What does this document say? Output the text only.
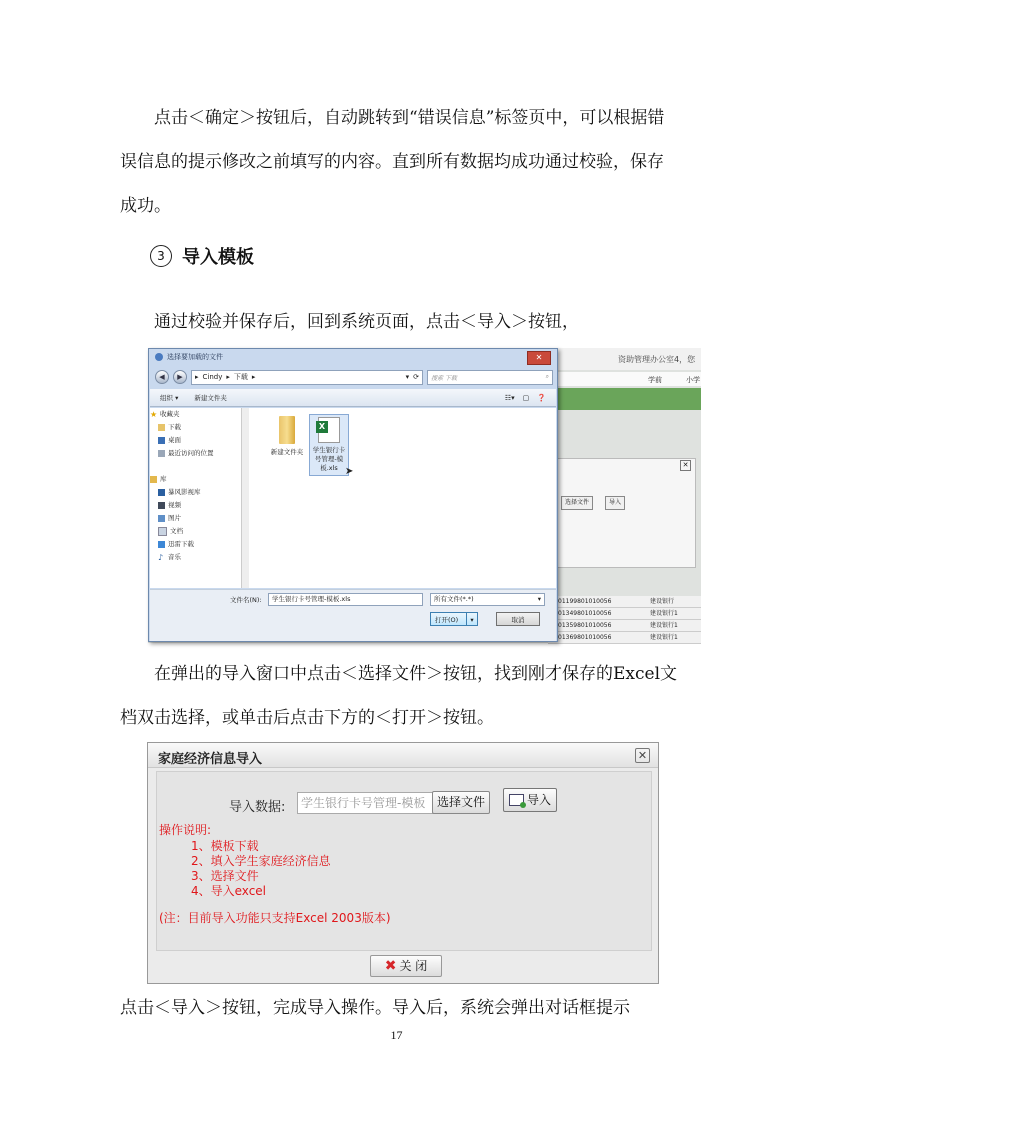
点击＜确定＞按钮后，自动跳转到“错误信息”标签页中，可以根据错误信息的提示修改之前填写的内容。直到所有数据均成功通过校验，保存成功。

3 导入模板

通过校验并保存后，回到系统页面，点击＜导入＞按钮，

资助管理办公室4，您
学前	小学
数据查询
✕
选择文件	导入
01199801010056	建设银行
01349801010056	建设银行1
01359801010056	建设银行1
01369801010056	建设银行1
选择要加载的文件	✕
◀	▶	▸ Cindy ▸ 下载 ▸	▾ ⟳ 搜索 下载	⌕
组织 ▾ 新建文件夹	☷▾ ▢ ❓
★ 收藏夹
下载
桌面
最近访问的位置
库
暴风影视库
视频
图片
文档
迅雷下载
♪ 音乐
新建文件夹
X
学生银行卡号管理-模板.xls ➤
文件名(N):	学生银行卡号管理-模板.xls	所有文件(*.*)	▾
打开(O)	▾	取消

在弹出的导入窗口中点击＜选择文件＞按钮，找到刚才保存的Excel文档双击选择，或单击后点击下方的＜打开＞按钮。

家庭经济信息导入	✕
导入数据:	学生银行卡号管理-模板 选择文件	导入
操作说明:
1、模板下载
2、填入学生家庭经济信息
3、选择文件
4、导入excel
(注：目前导入功能只支持Excel 2003版本)
✖ 关 闭

点击＜导入＞按钮，完成导入操作。导入后，系统会弹出对话框提示

17
